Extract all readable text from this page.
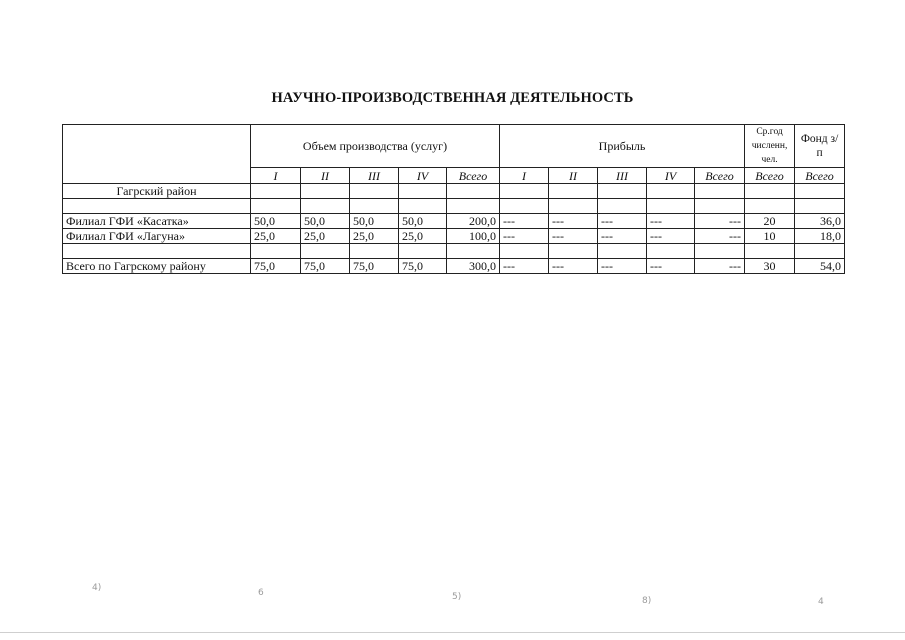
НАУЧНО-ПРОИЗВОДСТВЕННАЯ ДЕЯТЕЛЬНОСТЬ
	Объем производства (услуг)					Прибыль					Ср.год численн, чел.	Фонд з/п
	I	II	III	IV	Всего	I	II	III	IV	Всего	Всего	Всего
Гагрский район												

Филиал ГФИ «Касатка»	50,0	50,0	50,0	50,0	200,0	---	---	---	---	---	20	36,0
Филиал ГФИ «Лагуна»	25,0	25,0	25,0	25,0	100,0	---	---	---	---	---	10	18,0

Всего по Гагрскому району	75,0	75,0	75,0	75,0	300,0	---	---	---	---	---	30	54,0
4)	6	5)	8)	4
